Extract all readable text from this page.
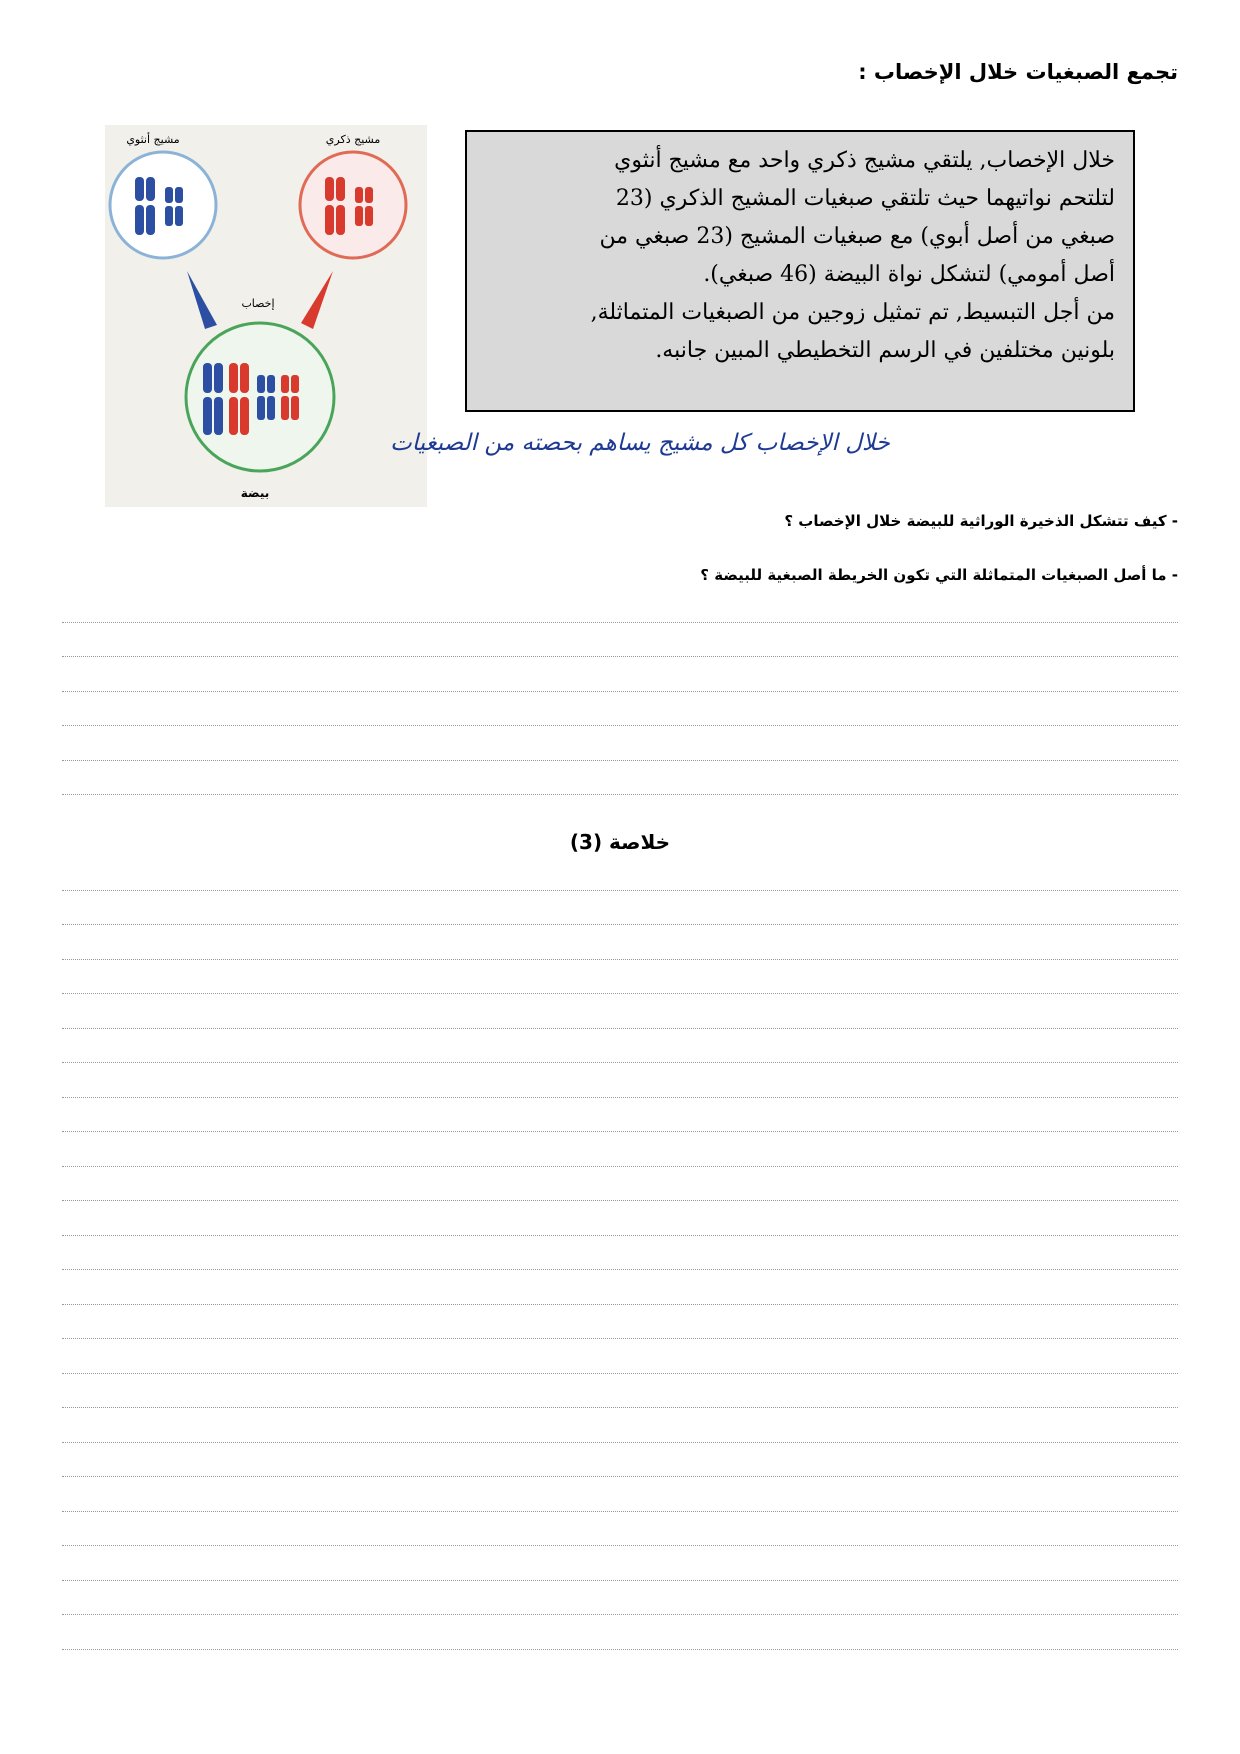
تجمع الصبغيات خلال الإخصاب :
مشيج أنثوي	مشيج ذكري
إخصاب
بيضة
خلال الإخصاب, يلتقي مشيج ذكري واحد مع مشيج أنثوي
لتلتحم نواتيهما حيث تلتقي صبغيات المشيج الذكري (23
صبغي من أصل أبوي) مع صبغيات المشيج (23 صبغي من
أصل أمومي) لتشكل نواة البيضة (46 صبغي).
من أجل التبسيط, تم تمثيل زوجين من الصبغيات المتماثلة,
بلونين مختلفين في الرسم التخطيطي المبين جانبه.
خلال الإخصاب كل مشيج يساهم بحصته من الصبغيات
- كيف تتشكل الذخيرة الوراثية للبيضة خلال الإخصاب ؟
- ما أصل الصبغيات المتماثلة التي تكون الخريطة الصبغية للبيضة ؟
خلاصة (3)
